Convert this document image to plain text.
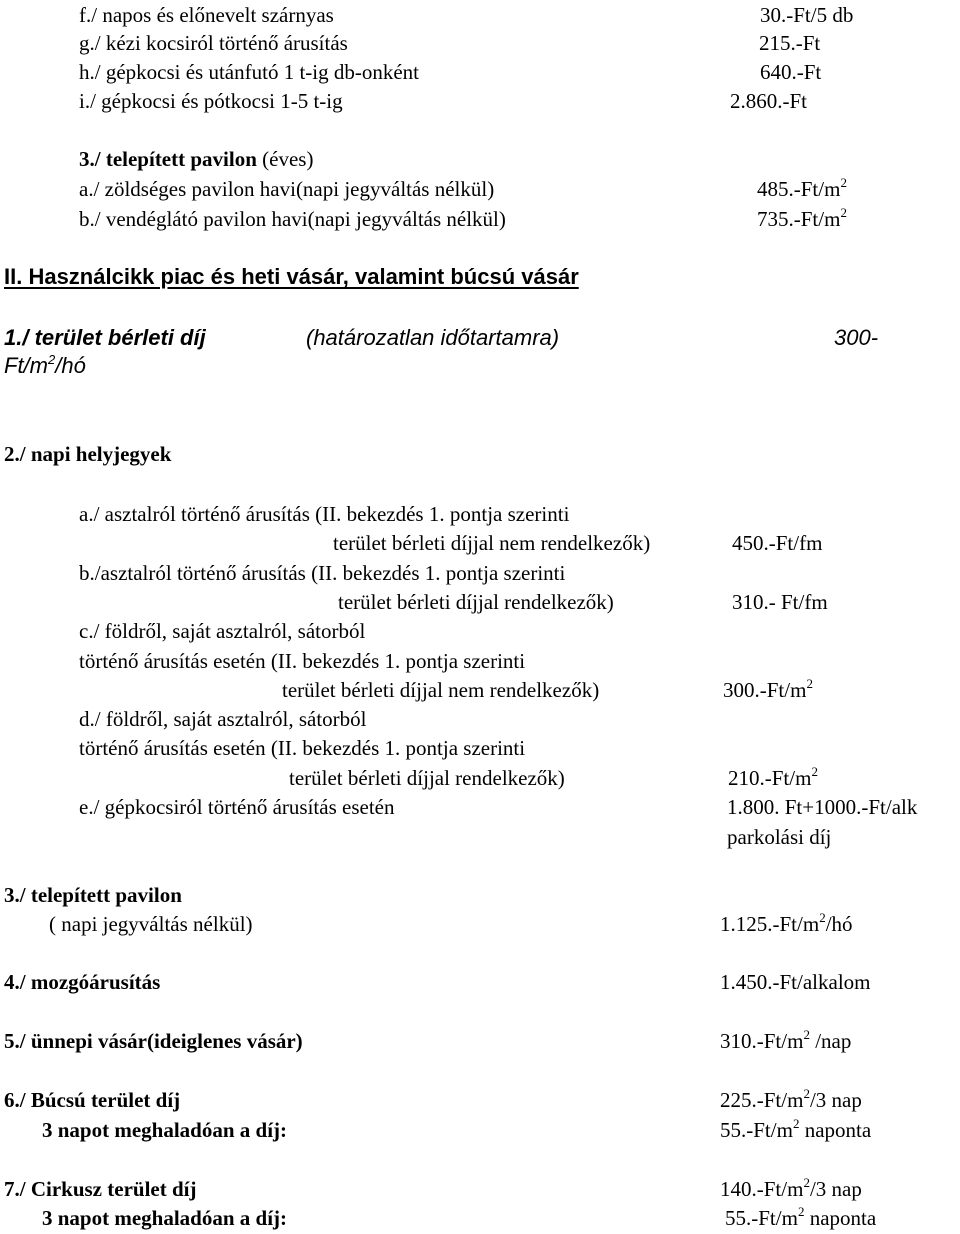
f./ napos és előnevelt szárnyas	30.-Ft/5 db
g./ kézi kocsiról történő árusítás	215.-Ft
h./ gépkocsi és utánfutó 1 t-ig db-onként	640.-Ft
i./ gépkocsi és pótkocsi 1-5 t-ig	2.860.-Ft
3./ telepített pavilon (éves)
a./ zöldséges pavilon havi(napi jegyváltás nélkül)	$485.-Ft/m^2$
b./ vendéglátó pavilon havi(napi jegyváltás nélkül)	$735.-Ft/m^2$
II. Használcikk piac és heti vásár, valamint búcsú vásár
1./ terület bérleti díj	(határozatlan időtartamra)	300-
$Ft/m^2/hó$
2./ napi helyjegyek
a./ asztalról történő árusítás (II. bekezdés 1. pontja szerinti
terület bérleti díjjal nem rendelkezők)	450.-Ft/fm
b./asztalról történő árusítás (II. bekezdés 1. pontja szerinti
terület bérleti díjjal rendelkezők)	310.- Ft/fm
c./ földről, saját asztalról, sátorból
történő árusítás esetén (II. bekezdés 1. pontja szerinti
terület bérleti díjjal nem rendelkezők)	$300.-Ft/m^2$
d./ földről, saját asztalról, sátorból
történő árusítás esetén (II. bekezdés 1. pontja szerinti
terület bérleti díjjal rendelkezők)	$210.-Ft/m^2$
e./ gépkocsiról történő árusítás esetén	1.800. Ft+1000.-Ft/alk
parkolási díj
3./ telepített pavilon
( napi jegyváltás nélkül)	$1.125.-Ft/m^2/hó$
4./ mozgóárusítás	1.450.-Ft/alkalom
5./ ünnepi vásár(ideiglenes vásár)	$310.-Ft/m^2$ /nap
6./ Búcsú terület díj	$225.-Ft/m^2/3$ nap
3 napot meghaladóan a díj:	$55.-Ft/m^2$ naponta
7./ Cirkusz terület díj	$140.-Ft/m^2/3$ nap
3 napot meghaladóan a díj:	$55.-Ft/m^2$ naponta
